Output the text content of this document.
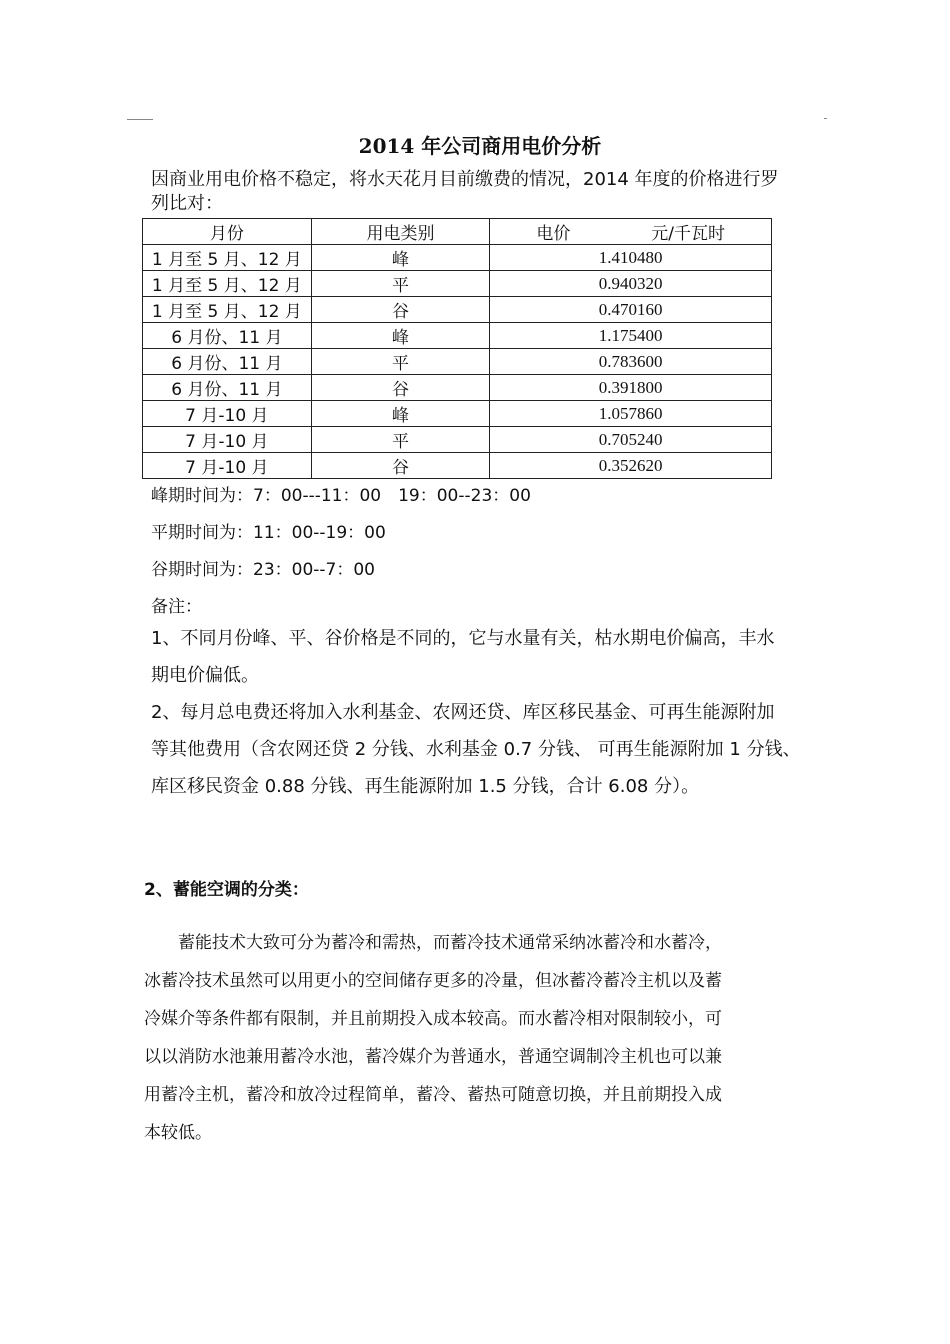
2014 年公司商用电价分析
因商业用电价格不稳定，将水天花月目前缴费的情况，2014 年度的价格进行罗
列比对：
月份	用电类别	电价 元/千瓦时

1 月至 5 月、12 月	峰	1.410480
1 月至 5 月、12 月	平	0.940320
1 月至 5 月、12 月	谷	0.470160
6 月份、11 月	峰	1.175400
6 月份、11 月	平	0.783600
6 月份、11 月	谷	0.391800
7 月-10 月	峰	1.057860
7 月-10 月	平	0.705240
7 月-10 月	谷	0.352620
峰期时间为：7：00---11：00　19：00--23：00
平期时间为：11：00--19：00
谷期时间为：23：00--7：00
备注：
1、不同月份峰、平、谷价格是不同的，它与水量有关，枯水期电价偏高，丰水
期电价偏低。
2、每月总电费还将加入水利基金、农网还贷、库区移民基金、可再生能源附加
等其他费用（含农网还贷 2 分钱、水利基金 0.7 分钱、 可再生能源附加 1 分钱、
库区移民资金 0.88 分钱、再生能源附加 1.5 分钱，合计 6.08 分）。
2、蓄能空调的分类：

　　蓄能技术大致可分为蓄冷和需热，而蓄冷技术通常采纳冰蓄冷和水蓄冷，

冰蓄冷技术虽然可以用更小的空间储存更多的冷量，但冰蓄冷蓄冷主机以及蓄

冷媒介等条件都有限制，并且前期投入成本较高。而水蓄冷相对限制较小，可

以以消防水池兼用蓄冷水池，蓄冷媒介为普通水，普通空调制冷主机也可以兼

用蓄冷主机，蓄冷和放冷过程简单，蓄冷、蓄热可随意切换，并且前期投入成

本较低。
